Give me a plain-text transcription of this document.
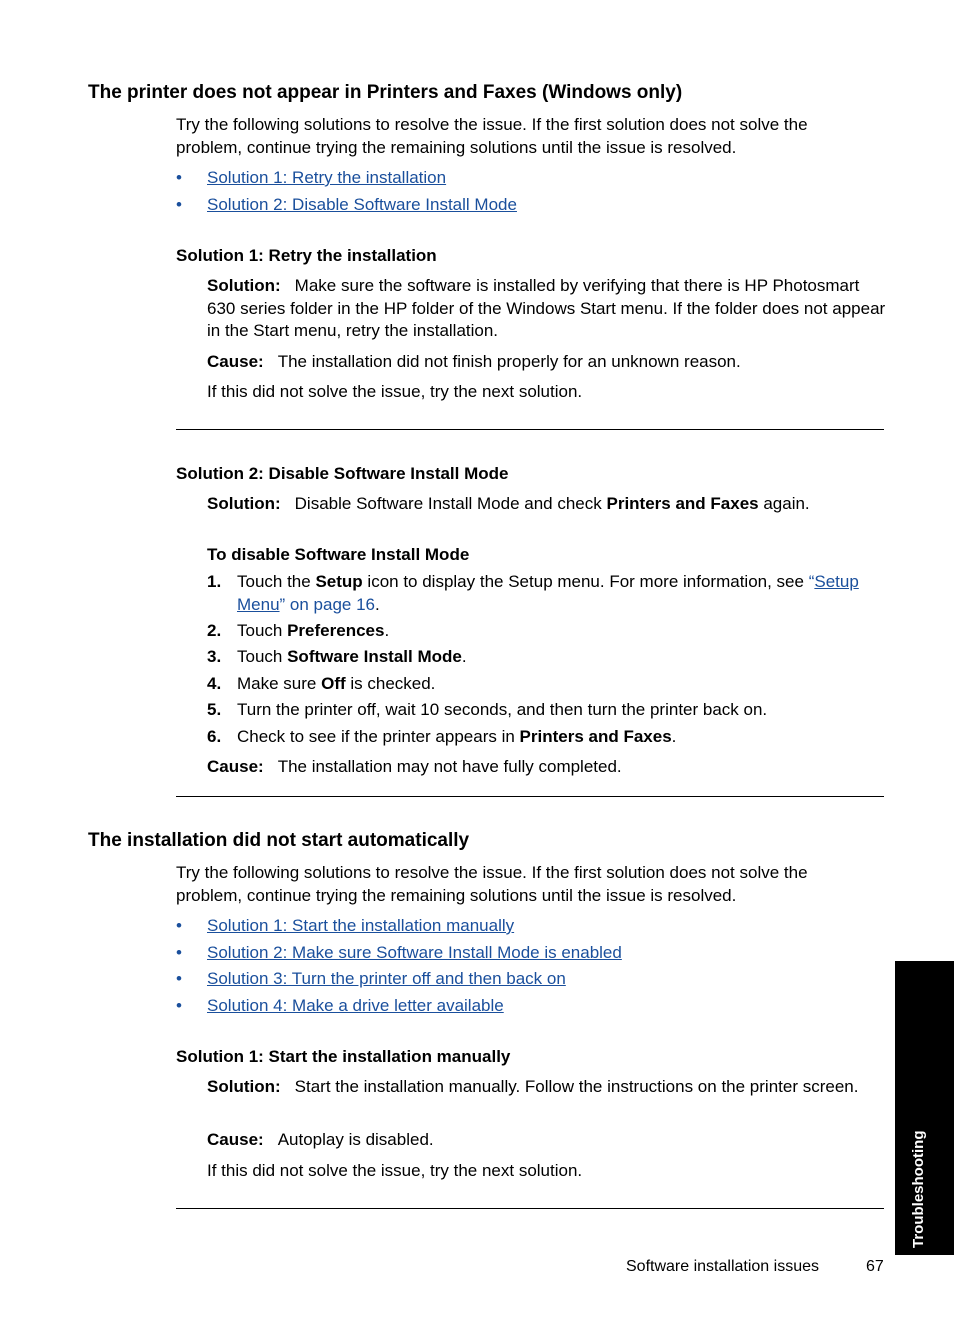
The printer does not appear in Printers and Faxes (Windows only)

Try the following solutions to resolve the issue. If the first solution does not solve the problem, continue trying the remaining solutions until the issue is resolved.

• Solution 1: Retry the installation
• Solution 2: Disable Software Install Mode
Solution 1: Retry the installation

Solution: Make sure the software is installed by verifying that there is HP Photosmart 630 series folder in the HP folder of the Windows Start menu. If the folder does not appear in the Start menu, retry the installation.

Cause: The installation did not finish properly for an unknown reason.

If this did not solve the issue, try the next solution.

Solution 2: Disable Software Install Mode

Solution: Disable Software Install Mode and check Printers and Faxes again.

To disable Software Install Mode
1. Touch the Setup icon to display the Setup menu. For more information, see “Setup Menu” on page 16.
2. Touch Preferences.
3. Touch Software Install Mode.
4. Make sure Off is checked.
5. Turn the printer off, wait 10 seconds, and then turn the printer back on.
6. Check to see if the printer appears in Printers and Faxes.

Cause: The installation may not have fully completed.

The installation did not start automatically

Try the following solutions to resolve the issue. If the first solution does not solve the problem, continue trying the remaining solutions until the issue is resolved.

• Solution 1: Start the installation manually
• Solution 2: Make sure Software Install Mode is enabled
• Solution 3: Turn the printer off and then back on
• Solution 4: Make a drive letter available
Solution 1: Start the installation manually

Solution: Start the installation manually. Follow the instructions on the printer screen.

Cause: Autoplay is disabled.

If this did not solve the issue, try the next solution.	Troubleshooting
Software installation issues	67
